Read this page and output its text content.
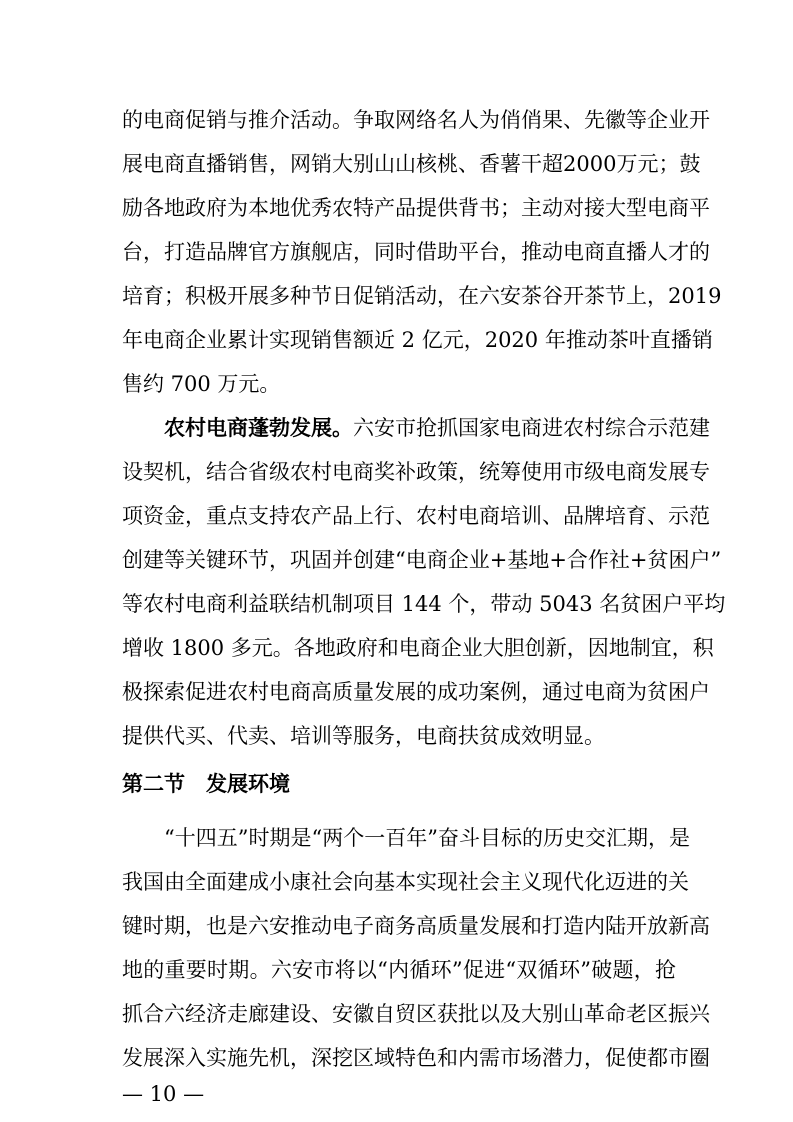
的电商促销与推介活动。争取网络名人为俏俏果、先徽等企业开
展电商直播销售，网销大别山山核桃、香薯干超2000万元；鼓
励各地政府为本地优秀农特产品提供背书；主动对接大型电商平
台，打造品牌官方旗舰店，同时借助平台，推动电商直播人才的
培育；积极开展多种节日促销活动，在六安茶谷开茶节上，2019
年电商企业累计实现销售额近 2 亿元，2020 年推动茶叶直播销
售约 700 万元。
农村电商蓬勃发展。六安市抢抓国家电商进农村综合示范建
设契机，结合省级农村电商奖补政策，统筹使用市级电商发展专
项资金，重点支持农产品上行、农村电商培训、品牌培育、示范
创建等关键环节，巩固并创建“电商企业+基地+合作社+贫困户”
等农村电商利益联结机制项目 144 个，带动 5043 名贫困户平均
增收 1800 多元。各地政府和电商企业大胆创新，因地制宜，积
极探索促进农村电商高质量发展的成功案例，通过电商为贫困户
提供代买、代卖、培训等服务，电商扶贫成效明显。
第二节 发展环境
“十四五”时期是“两个一百年”奋斗目标的历史交汇期，是
我国由全面建成小康社会向基本实现社会主义现代化迈进的关
键时期，也是六安推动电子商务高质量发展和打造内陆开放新高
地的重要时期。六安市将以“内循环”促进“双循环”破题，抢
抓合六经济走廊建设、安徽自贸区获批以及大别山革命老区振兴
发展深入实施先机，深挖区域特色和内需市场潜力，促使都市圈
— 10 —
